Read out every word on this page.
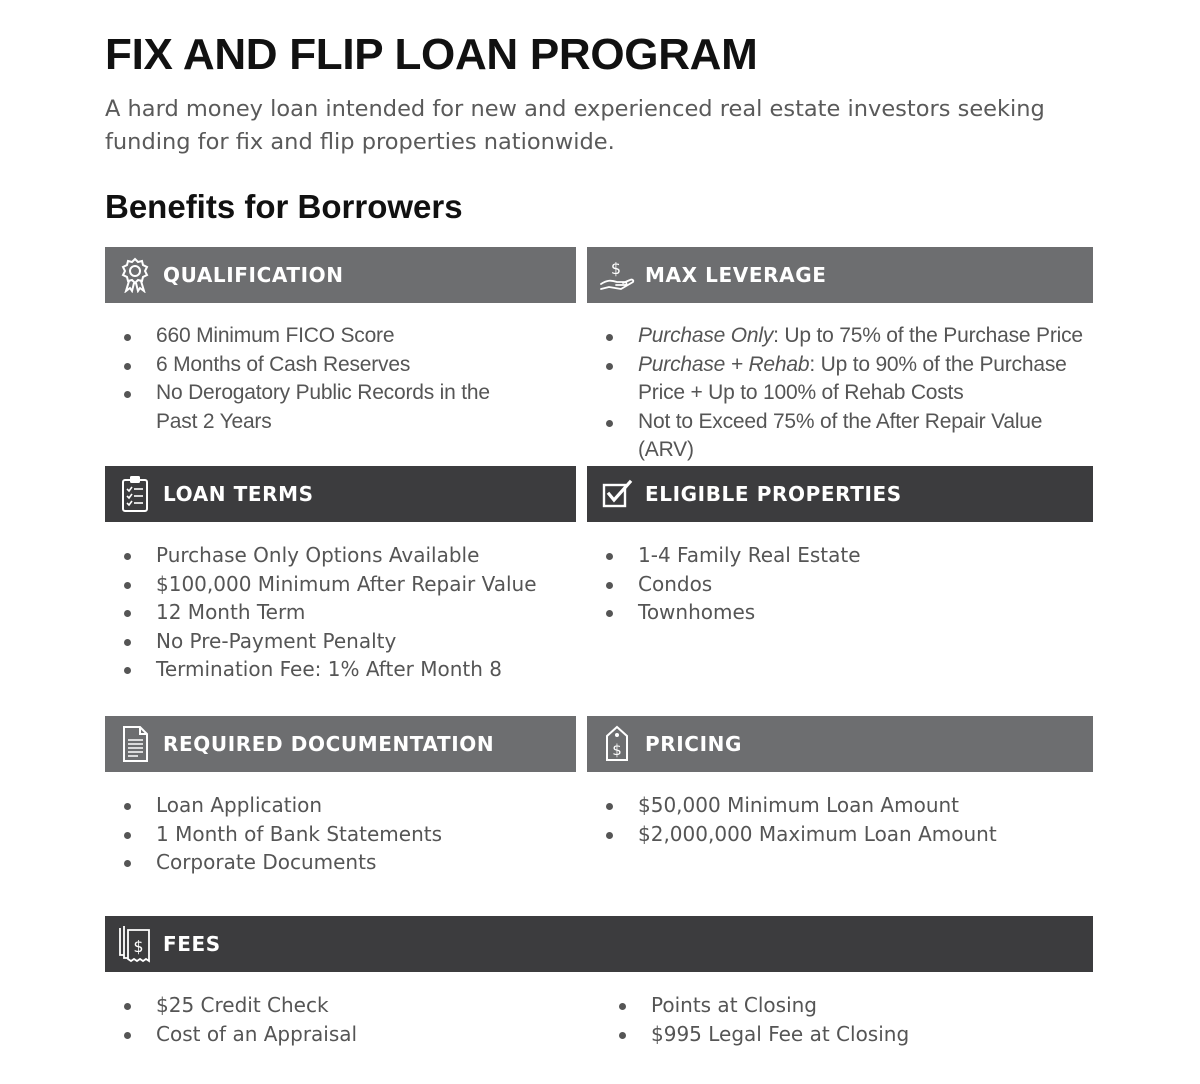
FIX AND FLIP LOAN PROGRAM

A hard money loan intended for new and experienced real estate investors seeking funding for fix and flip properties nationwide.

Benefits for Borrowers
QUALIFICATION
660 Minimum FICO Score
6 Months of Cash Reserves
No Derogatory Public Records in the Past 2 Years
$ MAX LEVERAGE
Purchase Only: Up to 75% of the Purchase Price
Purchase + Rehab: Up to 90% of the Purchase Price + Up to 100% of Rehab Costs
Not to Exceed 75% of the After Repair Value (ARV)
LOAN TERMS
Purchase Only Options Available
$100,000 Minimum After Repair Value
12 Month Term
No Pre-Payment Penalty
Termination Fee: 1% After Month 8
ELIGIBLE PROPERTIES
1-4 Family Real Estate
Condos
Townhomes
REQUIRED DOCUMENTATION
Loan Application
1 Month of Bank Statements
Corporate Documents
$ PRICING
$50,000 Minimum Loan Amount
$2,000,000 Maximum Loan Amount
$ FEES
$25 Credit Check
Cost of an Appraisal
Points at Closing
$995 Legal Fee at Closing
